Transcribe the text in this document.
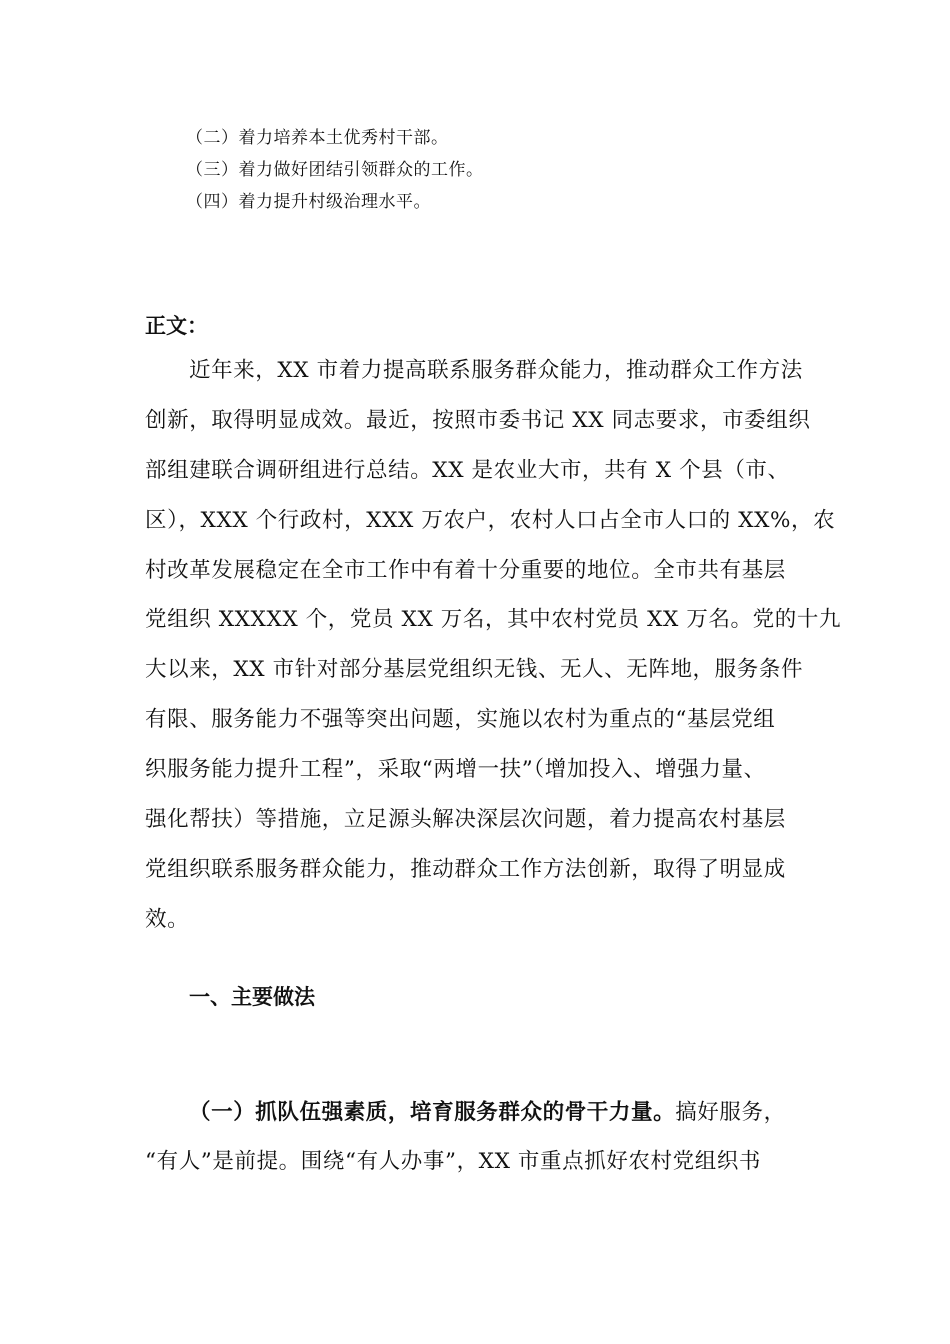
（二）着力培养本土优秀村干部。
（三）着力做好团结引领群众的工作。
（四）着力提升村级治理水平。
正文：
近年来，XX 市着力提高联系服务群众能力，推动群众工作方法
创新，取得明显成效。最近，按照市委书记 XX 同志要求，市委组织
部组建联合调研组进行总结。XX 是农业大市，共有 X 个县（市、
区），XXX 个行政村，XXX 万农户，农村人口占全市人口的 XX%，农
村改革发展稳定在全市工作中有着十分重要的地位。全市共有基层
党组织 XXXXX 个，党员 XX 万名，其中农村党员 XX 万名。党的十九
大以来，XX 市针对部分基层党组织无钱、无人、无阵地，服务条件
有限、服务能力不强等突出问题，实施以农村为重点的“基层党组
织服务能力提升工程”，采取“两增一扶”（增加投入、增强力量、
强化帮扶）等措施，立足源头解决深层次问题，着力提高农村基层
党组织联系服务群众能力，推动群众工作方法创新，取得了明显成
效。
一、主要做法
（一）抓队伍强素质，培育服务群众的骨干力量。搞好服务，
“有人”是前提。围绕“有人办事”，XX 市重点抓好农村党组织书
